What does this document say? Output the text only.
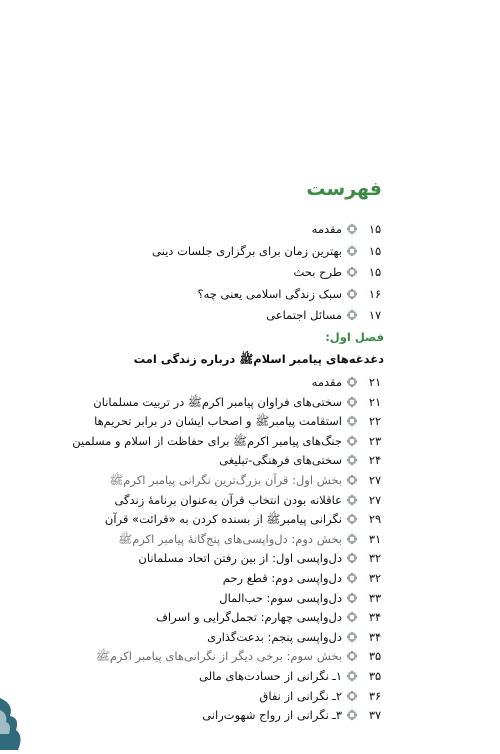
فهرست
۱۵
مقدمه
۱۵
بهترین زمان برای برگزاری جلسات دینی
۱۵
طرح بحث
۱۶
سبک زندگی اسلامی یعنی چه؟
۱۷
مسائل اجتماعی
فصل اول:
دغدغه‌های پیامبر اسلامﷺ درباره زندگی امت
۲۱
مقدمه
۲۱
سختی‌های فراوان پیامبر اکرمﷺ در تربیت مسلمانان
۲۲
استقامت پیامبرﷺ و اصحاب ایشان در برابر تحریم‌ها
۲۳
جنگ‌های پیامبر اکرمﷺ برای حفاظت از اسلام و مسلمین
۲۴
سختی‌های فرهنگی-تبلیغی
۲۷
بخش اول: قرآن بزرگ‌ترین نگرانی پیامبر اکرمﷺ
۲۷
عاقلانه بودن انتخاب قرآن به‌عنوان برنامهٔ زندگی
۲۹
نگرانی پیامبرﷺ از بسنده کردن به «قرائت» قرآن
۳۱
بخش دوم: دل‌واپسی‌های پنج‌گانهٔ پیامبر اکرمﷺ
۳۲
دل‌واپسی اول: از بین رفتن اتحاد مسلمانان
۳۲
دل‌واپسی دوم: قطع رحم
۳۳
دل‌واپسی سوم: حب‌المال
۳۴
دل‌واپسی چهارم: تجمل‌گرایی و اسراف
۳۴
دل‌واپسی پنجم: بدعت‌گذاری
۳۵
بخش سوم: برخی دیگر از نگرانی‌های پیامبر اکرمﷺ
۳۵
۱ـ نگرانی از حسادت‌های مالی
۳۶
۲ـ نگرانی از نفاق
۳۷
۳ـ نگرانی از رواج شهوت‌رانی
